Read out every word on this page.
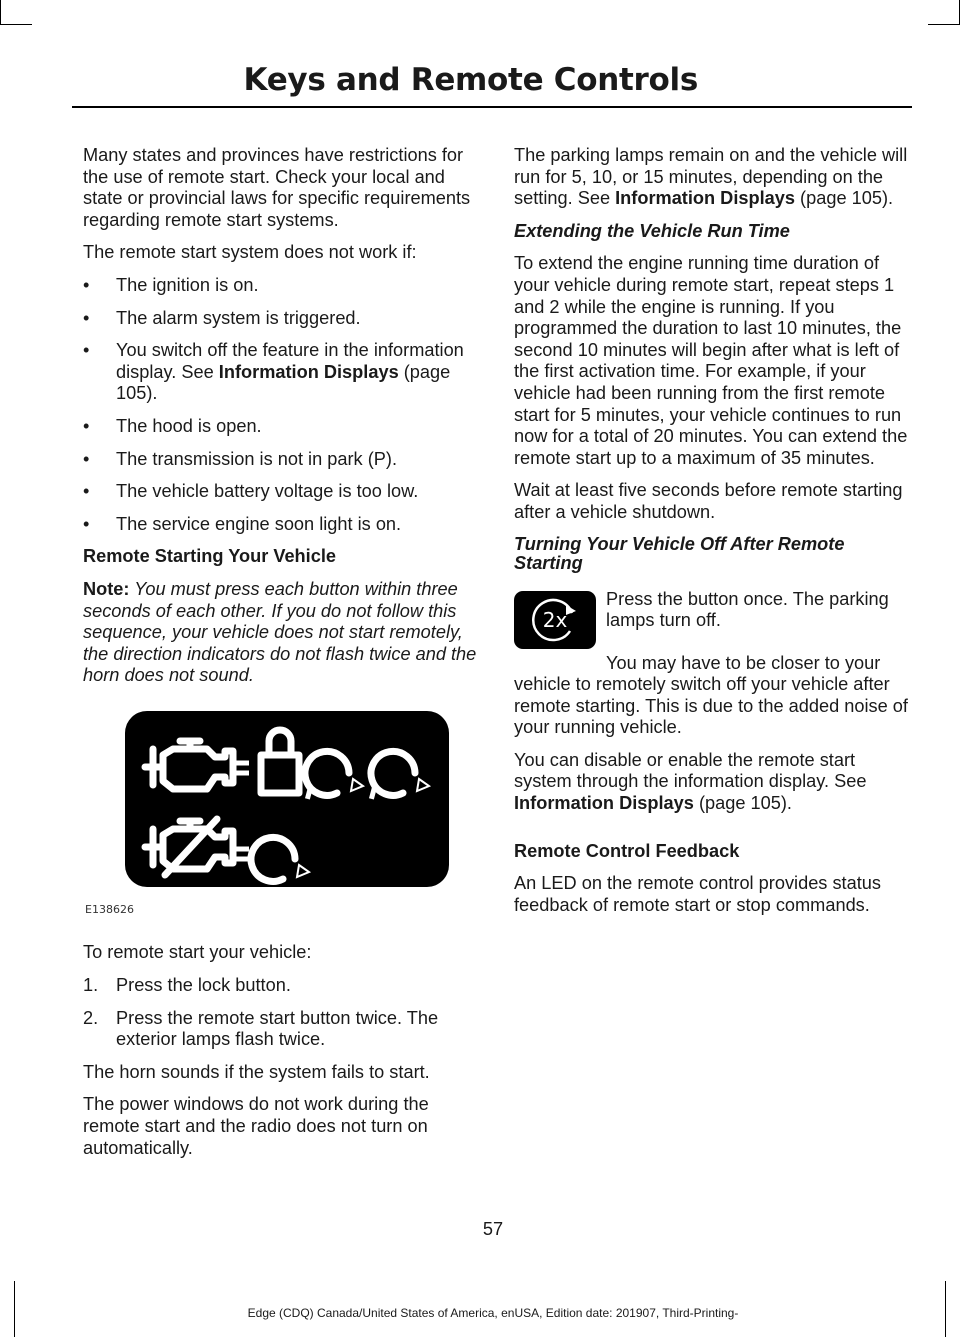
Keys and Remote Controls

Many states and provinces have restrictions for the use of remote start. Check your local and state or provincial laws for specific requirements regarding remote start systems.

The remote start system does not work if:

• The ignition is on.
• The alarm system is triggered.
• You switch off the feature in the information display. See Information Displays (page 105).
• The hood is open.
• The transmission is not in park (P).
• The vehicle battery voltage is too low.
• The service engine soon light is on.
Remote Starting Your Vehicle

Note: You must press each button within three seconds of each other. If you do not follow this sequence, your vehicle does not start remotely, the direction indicators do not flash twice and the horn does not sound.

E138626

To remote start your vehicle:

1. Press the lock button.
2. Press the remote start button twice. The exterior lamps flash twice.

The horn sounds if the system fails to start.

The power windows do not work during the remote start and the radio does not turn on automatically.

The parking lamps remain on and the vehicle will run for 5, 10, or 15 minutes, depending on the setting. See Information Displays (page 105).

Extending the Vehicle Run Time

To extend the engine running time duration of your vehicle during remote start, repeat steps 1 and 2 while the engine is running. If you programmed the duration to last 10 minutes, the second 10 minutes will begin after what is left of the first activation time. For example, if your vehicle had been running from the first remote start for 5 minutes, your vehicle continues to run now for a total of 20 minutes. You can extend the remote start up to a maximum of 35 minutes.

Wait at least five seconds before remote starting after a vehicle shutdown.

Turning Your Vehicle Off After Remote Starting
2x

Press the button once. The parking lamps turn off.

You may have to be closer to your vehicle to remotely switch off your vehicle after remote starting. This is due to the added noise of your running vehicle.

You can disable or enable the remote start system through the information display. See Information Displays (page 105).

Remote Control Feedback

An LED on the remote control provides status feedback of remote start or stop commands.

57
Edge (CDQ) Canada/United States of America, enUSA, Edition date: 201907, Third-Printing-
